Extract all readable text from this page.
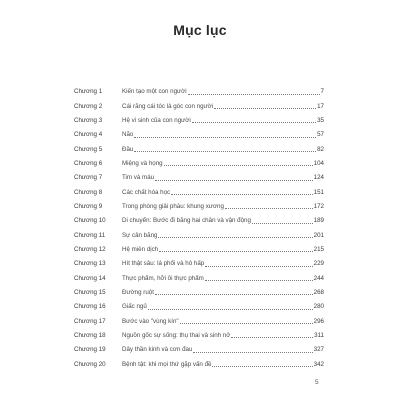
Mục lục
Chương 1	Kiến tạo một con người	7
Chương 2	Cái răng cái tóc là góc con người	17
Chương 3	Hệ vi sinh của con người	35
Chương 4	Não	57
Chương 5	Đầu	82
Chương 6	Miệng và họng	104
Chương 7	Tim và máu	124
Chương 8	Các chất hóa học	151
Chương 9	Trong phòng giải phẫu: khung xương	172
Chương 10	Di chuyển: Bước đi bằng hai chân và vận động	189
Chương 11	Sự cân bằng	201
Chương 12	Hệ miễn dịch	215
Chương 13	Hít thật sâu: lá phổi và hô hấp	229
Chương 14	Thực phẩm, hỡi ôi thực phẩm	244
Chương 15	Đường ruột	268
Chương 16	Giấc ngủ	280
Chương 17	Bước vào "vùng kín"	296
Chương 18	Nguồn gốc sự sống: thụ thai và sinh nở	311
Chương 19	Dây thần kinh và cơn đau	327
Chương 20	Bệnh tật: khi mọi thứ gặp vấn đề	342
5
